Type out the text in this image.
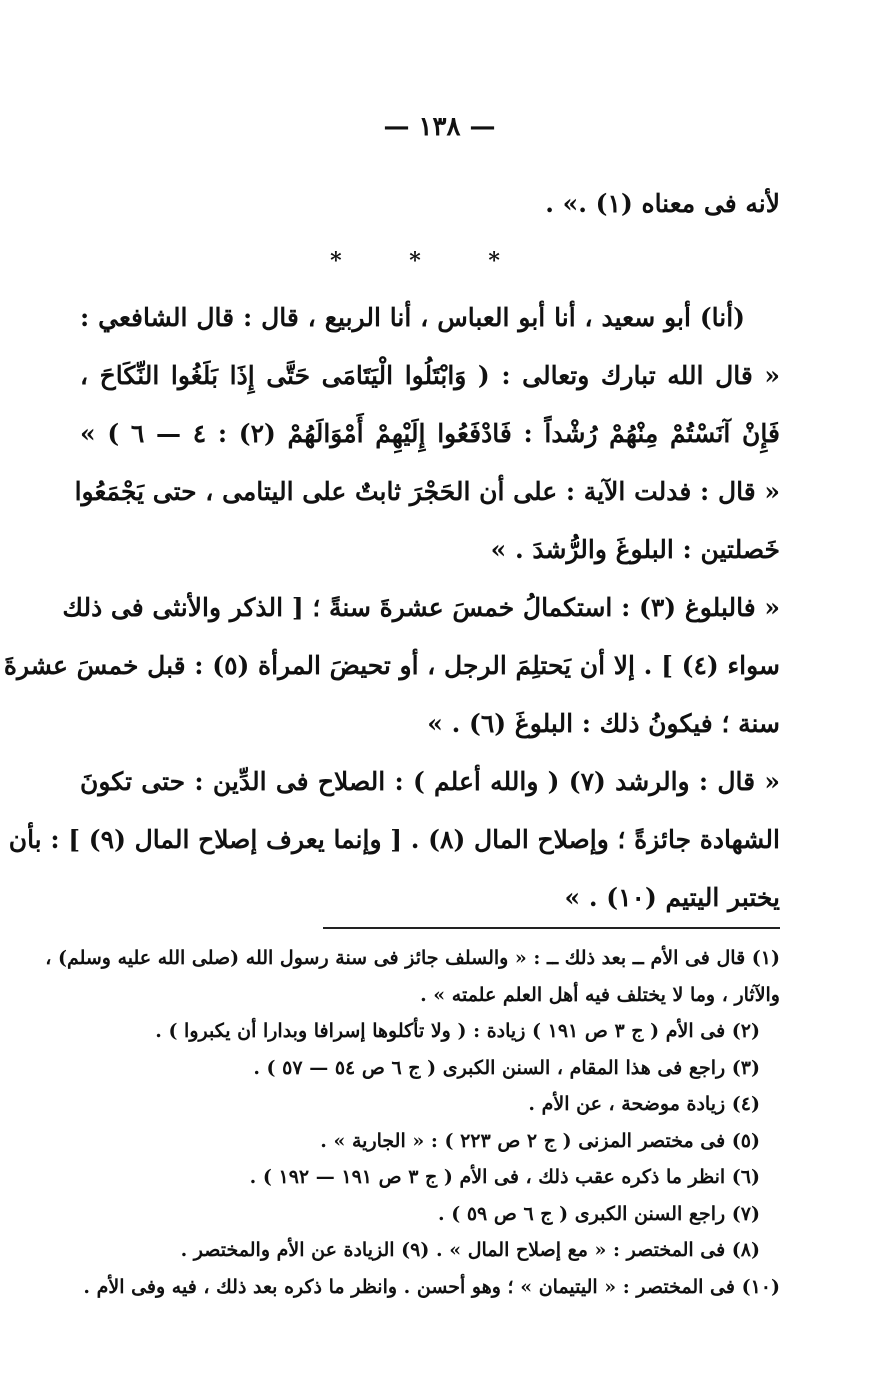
— ١٣٨ —
لأنه فى معناه (١) .» .
* * *
(أنا) أبو سعيد ، أنا أبو العباس ، أنا الربيع ، قال : قال الشافعي :
« قال الله تبارك وتعالى : ( وَابْتَلُوا الْيَتَامَى حَتَّى إِذَا بَلَغُوا النِّكَاحَ ،
فَإِنْ آنَسْتُمْ مِنْهُمْ رُشْداً : فَادْفَعُوا إِلَيْهِمْ أَمْوَالَهُمْ (٢) : ٤ — ٦ ) »
« قال : فدلت الآية : على أن الحَجْرَ ثابتٌ على اليتامى ، حتى يَجْمَعُوا
خَصلتين : البلوغَ والرُّشدَ . »
« فالبلوغ (٣) : استكمالُ خمسَ عشرةَ سنةً ؛ [ الذكر والأنثى فى ذلك
سواء (٤) ] . إلا أن يَحتلِمَ الرجل ، أو تحيضَ المرأة (٥) : قبل خمسَ عشرةَ
سنة ؛ فيكونُ ذلك : البلوغَ (٦) . »
« قال : والرشد (٧) ( والله أعلم ) : الصلاح فى الدِّين : حتى تكونَ
الشهادة جائزةً ؛ وإصلاح المال (٨) . [ وإنما يعرف إصلاح المال (٩) ] : بأن
يختبر اليتيم (١٠) . »
(١) قال فى الأم ــ بعد ذلك ــ : « والسلف جائز فى سنة رسول الله (صلى الله عليه وسلم) ،
والآثار ، وما لا يختلف فيه أهل العلم علمته » .
(٢) فى الأم ( ج ٣ ص ١٩١ ) زيادة : ( ولا تأكلوها إسرافا وبدارا أن يكبروا ) .
(٣) راجع فى هذا المقام ، السنن الكبرى ( ج ٦ ص ٥٤ — ٥٧ ) .
(٤) زيادة موضحة ، عن الأم .
(٥) فى مختصر المزنى ( ج ٢ ص ٢٢٣ ) : « الجارية » .
(٦) انظر ما ذكره عقب ذلك ، فى الأم ( ج ٣ ص ١٩١ — ١٩٢ ) .
(٧) راجع السنن الكبرى ( ج ٦ ص ٥٩ ) .
(٨) فى المختصر : « مع إصلاح المال » . (٩) الزيادة عن الأم والمختصر .
(١٠) فى المختصر : « اليتيمان » ؛ وهو أحسن . وانظر ما ذكره بعد ذلك ، فيه وفى الأم .
